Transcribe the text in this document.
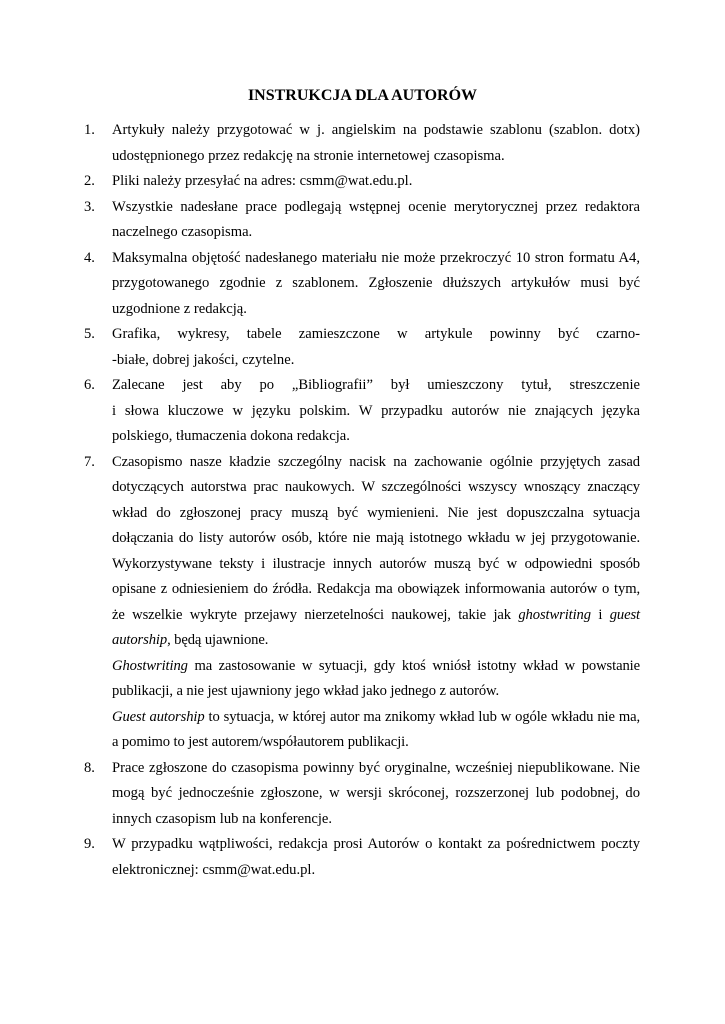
INSTRUKCJA DLA AUTORÓW
1. Artykuły należy przygotować w j. angielskim na podstawie szablonu (szablon. dotx) udostępnionego przez redakcję na stronie internetowej czasopisma.

2. Pliki należy przesyłać na adres: csmm@wat.edu.pl.

3. Wszystkie nadesłane prace podlegają wstępnej ocenie merytorycznej przez redaktora naczelnego czasopisma.

4. Maksymalna objętość nadesłanego materiału nie może przekroczyć 10 stron formatu A4, przygotowanego zgodnie z szablonem. Zgłoszenie dłuższych artykułów musi być uzgodnione z redakcją.

5. Grafika, wykresy, tabele zamieszczone w artykule powinny być czarno-

-białe, dobrej jakości, czytelne.

6. Zalecane jest aby po „Bibliografii” był umieszczony tytuł, streszczenie

i słowa kluczowe w języku polskim. W przypadku autorów nie znających języka polskiego, tłumaczenia dokona redakcja.

7. Czasopismo nasze kładzie szczególny nacisk na zachowanie ogólnie przyjętych zasad dotyczących autorstwa prac naukowych. W szczególności wszyscy wnoszący znaczący wkład do zgłoszonej pracy muszą być wymienieni. Nie jest dopuszczalna sytuacja dołączania do listy autorów osób, które nie mają istotnego wkładu w jej przygotowanie. Wykorzystywane teksty i ilustracje innych autorów muszą być w odpowiedni sposób opisane z odniesieniem do źródła. Redakcja ma obowiązek informowania autorów o tym, że wszelkie wykryte przejawy nierzetelności naukowej, takie jak ghostwriting i guest autorship, będą ujawnione.

Ghostwriting ma zastosowanie w sytuacji, gdy ktoś wniósł istotny wkład w powstanie publikacji, a nie jest ujawniony jego wkład jako jednego z autorów.

Guest autorship to sytuacja, w której autor ma znikomy wkład lub w ogóle wkładu nie ma, a pomimo to jest autorem/współautorem publikacji.

8. Prace zgłoszone do czasopisma powinny być oryginalne, wcześniej niepublikowane. Nie mogą być jednocześnie zgłoszone, w wersji skróconej, rozszerzonej lub podobnej, do innych czasopism lub na konferencje.

9. W przypadku wątpliwości, redakcja prosi Autorów o kontakt za pośrednictwem poczty elektronicznej: csmm@wat.edu.pl.
